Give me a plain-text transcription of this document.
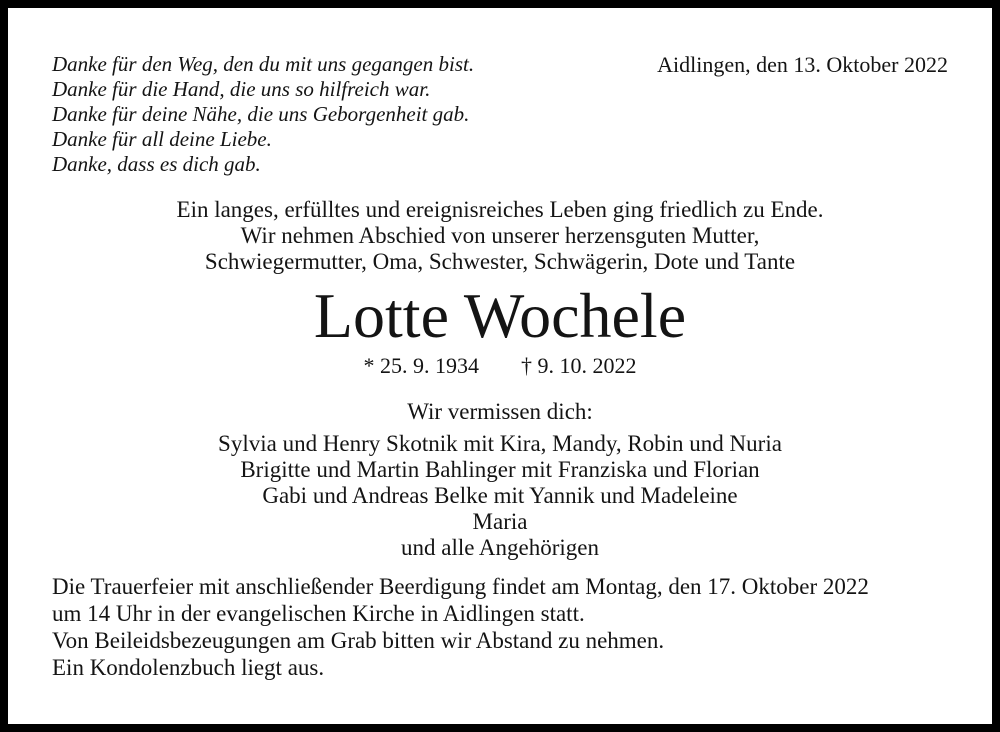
Danke für den Weg, den du mit uns gegangen bist.
Danke für die Hand, die uns so hilfreich war.
Danke für deine Nähe, die uns Geborgenheit gab.
Danke für all deine Liebe.
Danke, dass es dich gab.
Aidlingen, den 13. Oktober 2022
Ein langes, erfülltes und ereignisreiches Leben ging friedlich zu Ende.
Wir nehmen Abschied von unserer herzensguten Mutter,
Schwiegermutter, Oma, Schwester, Schwägerin, Dote und Tante
Lotte Wochele
* 25. 9. 1934 † 9. 10. 2022
Wir vermissen dich:
Sylvia und Henry Skotnik mit Kira, Mandy, Robin und Nuria
Brigitte und Martin Bahlinger mit Franziska und Florian
Gabi und Andreas Belke mit Yannik und Madeleine
Maria
und alle Angehörigen
Die Trauerfeier mit anschließender Beerdigung findet am Montag, den 17. Oktober 2022
um 14 Uhr in der evangelischen Kirche in Aidlingen statt.
Von Beileidsbezeugungen am Grab bitten wir Abstand zu nehmen.
Ein Kondolenzbuch liegt aus.
